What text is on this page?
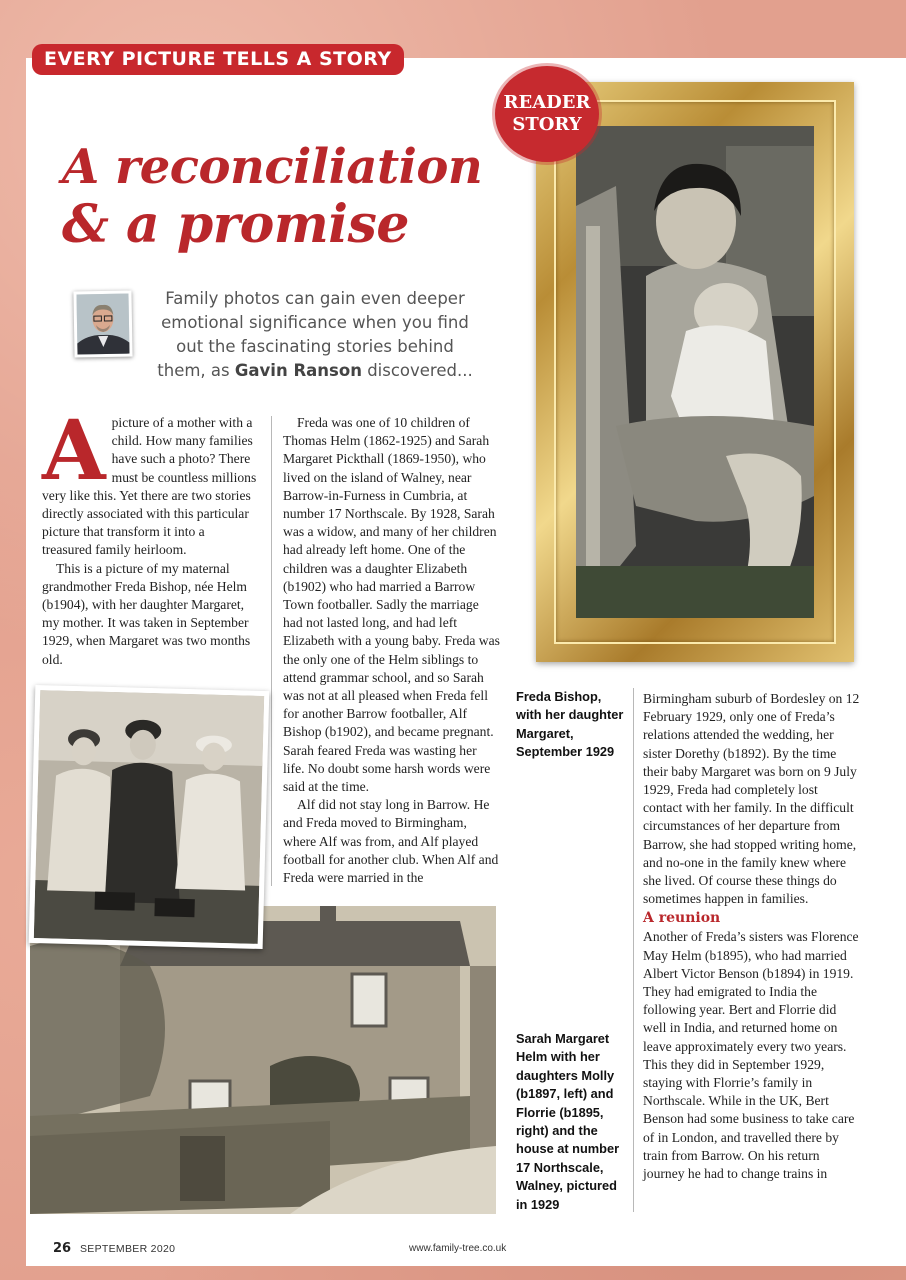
EVERY PICTURE TELLS A STORY
A reconciliation
& a promise
Family photos can gain even deeper emotional significance when you find out the fascinating stories behind them, as Gavin Ranson discovered...
READER
STORY

Apicture of a mother with a child. How many families have such a photo? There must be countless millions very like this. Yet there are two stories directly associated with this particular picture that transform it into a treasured family heirloom.

This is a picture of my maternal grandmother Freda Bishop, née Helm (b1904), with her daughter Margaret, my mother. It was taken in September 1929, when Margaret was two months old.

Freda was one of 10 children of Thomas Helm (1862-1925) and Sarah Margaret Pickthall (1869-1950), who lived on the island of Walney, near Barrow-in-Furness in Cumbria, at number 17 Northscale. By 1928, Sarah was a widow, and many of her children had already left home. One of the children was a daughter Elizabeth (b1902) who had married a Barrow Town footballer. Sadly the marriage had not lasted long, and had left Elizabeth with a young baby. Freda was the only one of the Helm siblings to attend grammar school, and so Sarah was not at all pleased when Freda fell for another Barrow footballer, Alf Bishop (b1902), and became pregnant. Sarah feared Freda was wasting her life. No doubt some harsh words were said at the time.

Alf did not stay long in Barrow. He and Freda moved to Birmingham, where Alf was from, and Alf played football for another club. When Alf and Freda were married in the

Freda Bishop, with her daughter Margaret, September 1929

Birmingham suburb of Bordesley on 12 February 1929, only one of Freda’s relations attended the wedding, her sister Dorethy (b1892). By the time their baby Margaret was born on 9 July 1929, Freda had completely lost contact with her family. In the difficult circumstances of her departure from Barrow, she had stopped writing home, and no-one in the family knew where she lived. Of course these things do sometimes happen in families.

A reunion

Another of Freda’s sisters was Florence May Helm (b1895), who had married Albert Victor Benson (b1894) in 1919. They had emigrated to India the following year. Bert and Florrie did well in India, and returned home on leave approximately every two years. This they did in September 1929, staying with Florrie’s family in Northscale. While in the UK, Bert Benson had some business to take care of in London, and travelled there by train from Barrow. On his return journey he had to change trains in

Sarah Margaret Helm with her daughters Molly (b1897, left) and Florrie (b1895, right) and the house at number 17 Northscale, Walney, pictured in 1929
26 SEPTEMBER 2020	www.family-tree.co.uk
